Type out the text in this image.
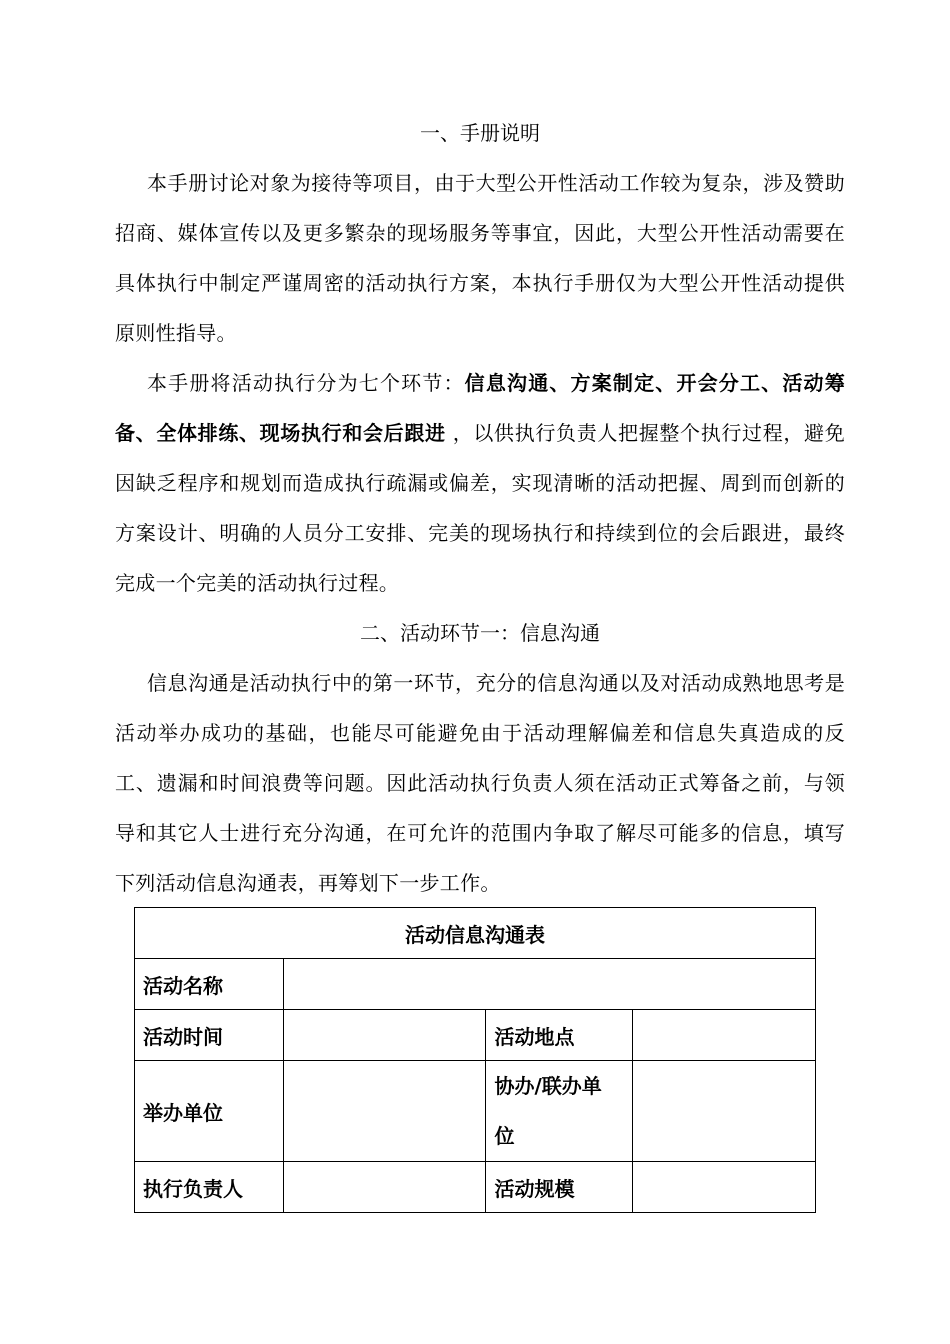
一、手册说明

本手册讨论对象为接待等项目，由于大型公开性活动工作较为复杂，涉及赞助招商、媒体宣传以及更多繁杂的现场服务等事宜，因此，大型公开性活动需要在具体执行中制定严谨周密的活动执行方案，本执行手册仅为大型公开性活动提供原则性指导。

本手册将活动执行分为七个环节：信息沟通、方案制定、开会分工、活动筹备、全体排练、现场执行和会后跟进 ，以供执行负责人把握整个执行过程，避免因缺乏程序和规划而造成执行疏漏或偏差，实现清晰的活动把握、周到而创新的方案设计、明确的人员分工安排、完美的现场执行和持续到位的会后跟进，最终完成一个完美的活动执行过程。

二、活动环节一：信息沟通

信息沟通是活动执行中的第一环节，充分的信息沟通以及对活动成熟地思考是活动举办成功的基础，也能尽可能避免由于活动理解偏差和信息失真造成的反工、遗漏和时间浪费等问题。因此活动执行负责人须在活动正式筹备之前，与领导和其它人士进行充分沟通，在可允许的范围内争取了解尽可能多的信息，填写下列活动信息沟通表，再筹划下一步工作。

活动信息沟通表			
活动名称			
活动时间		活动地点	
举办单位		协办/联办单
位	

执行负责人		活动规模	
